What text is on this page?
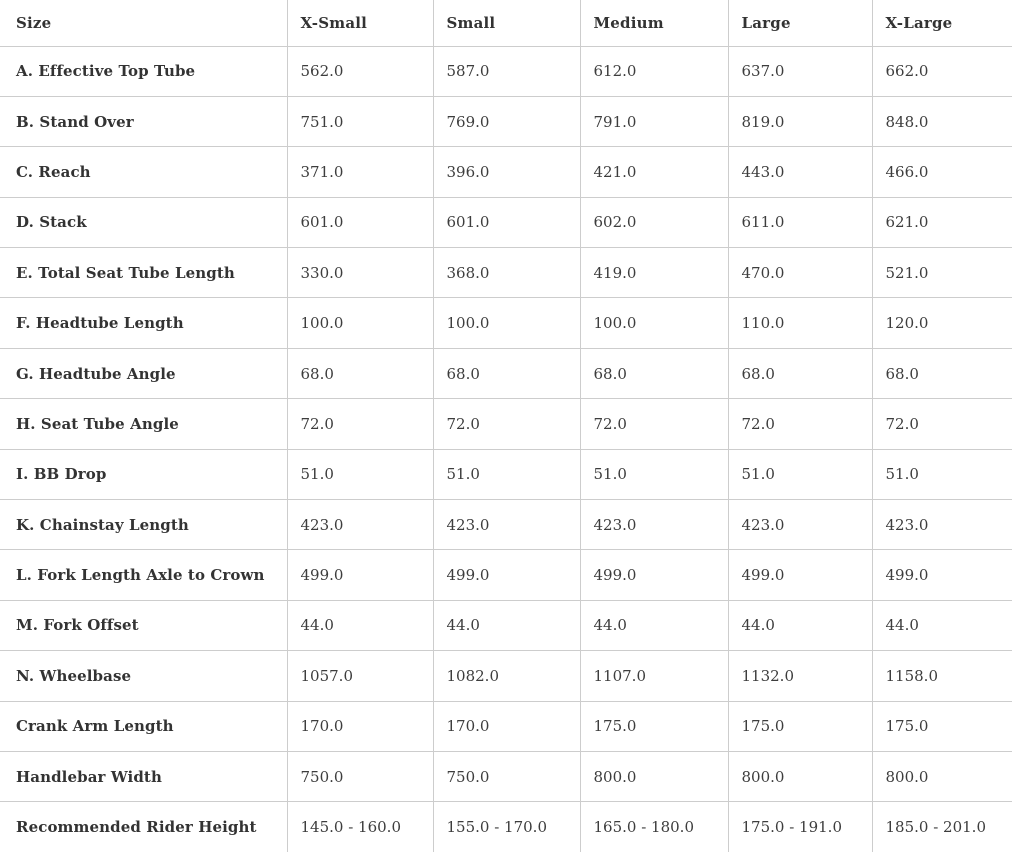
Size	X-Small	Small	Medium	Large	X-Large
A. Effective Top Tube	562.0	587.0	612.0	637.0	662.0
B. Stand Over	751.0	769.0	791.0	819.0	848.0
C. Reach	371.0	396.0	421.0	443.0	466.0
D. Stack	601.0	601.0	602.0	611.0	621.0
E. Total Seat Tube Length	330.0	368.0	419.0	470.0	521.0
F. Headtube Length	100.0	100.0	100.0	110.0	120.0
G. Headtube Angle	68.0	68.0	68.0	68.0	68.0
H. Seat Tube Angle	72.0	72.0	72.0	72.0	72.0
I. BB Drop	51.0	51.0	51.0	51.0	51.0
K. Chainstay Length	423.0	423.0	423.0	423.0	423.0
L. Fork Length Axle to Crown	499.0	499.0	499.0	499.0	499.0
M. Fork Offset	44.0	44.0	44.0	44.0	44.0
N. Wheelbase	1057.0	1082.0	1107.0	1132.0	1158.0
Crank Arm Length	170.0	170.0	175.0	175.0	175.0
Handlebar Width	750.0	750.0	800.0	800.0	800.0
Recommended Rider Height	145.0 - 160.0	155.0 - 170.0	165.0 - 180.0	175.0 - 191.0	185.0 - 201.0
